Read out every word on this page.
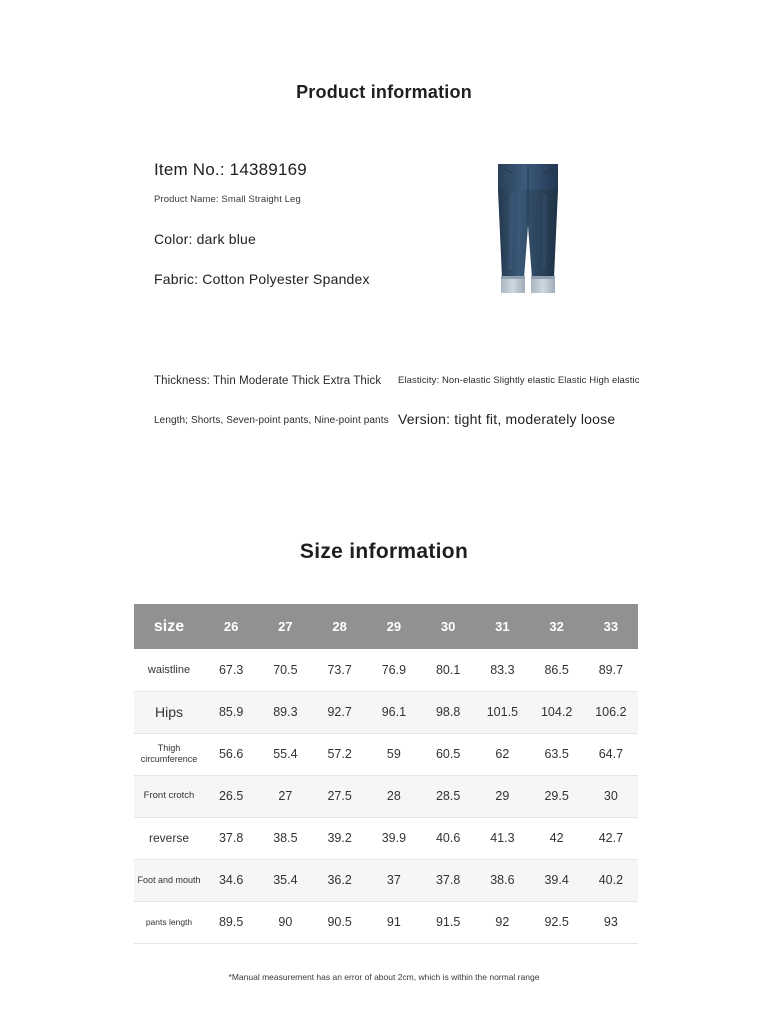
Product information
Item No.: 14389169
Product Name: Small Straight Leg
Color: dark blue
Fabric: Cotton Polyester Spandex
Thickness: Thin Moderate Thick Extra Thick Elasticity: Non-elastic Slightly elastic Elastic High elastic
Length; Shorts, Seven-point pants, Nine-point pants Version: tight fit, moderately loose
Size information
size	26	27	28	29	30	31	32	33
waistline	67.3	70.5	73.7	76.9	80.1	83.3	86.5	89.7
Hips	85.9	89.3	92.7	96.1	98.8	101.5	104.2	106.2
Thigh circumference	56.6	55.4	57.2	59	60.5	62	63.5	64.7
Front crotch	26.5	27	27.5	28	28.5	29	29.5	30
reverse	37.8	38.5	39.2	39.9	40.6	41.3	42	42.7
Foot and mouth	34.6	35.4	36.2	37	37.8	38.6	39.4	40.2
pants length	89.5	90	90.5	91	91.5	92	92.5	93
*Manual measurement has an error of about 2cm, which is within the normal range
